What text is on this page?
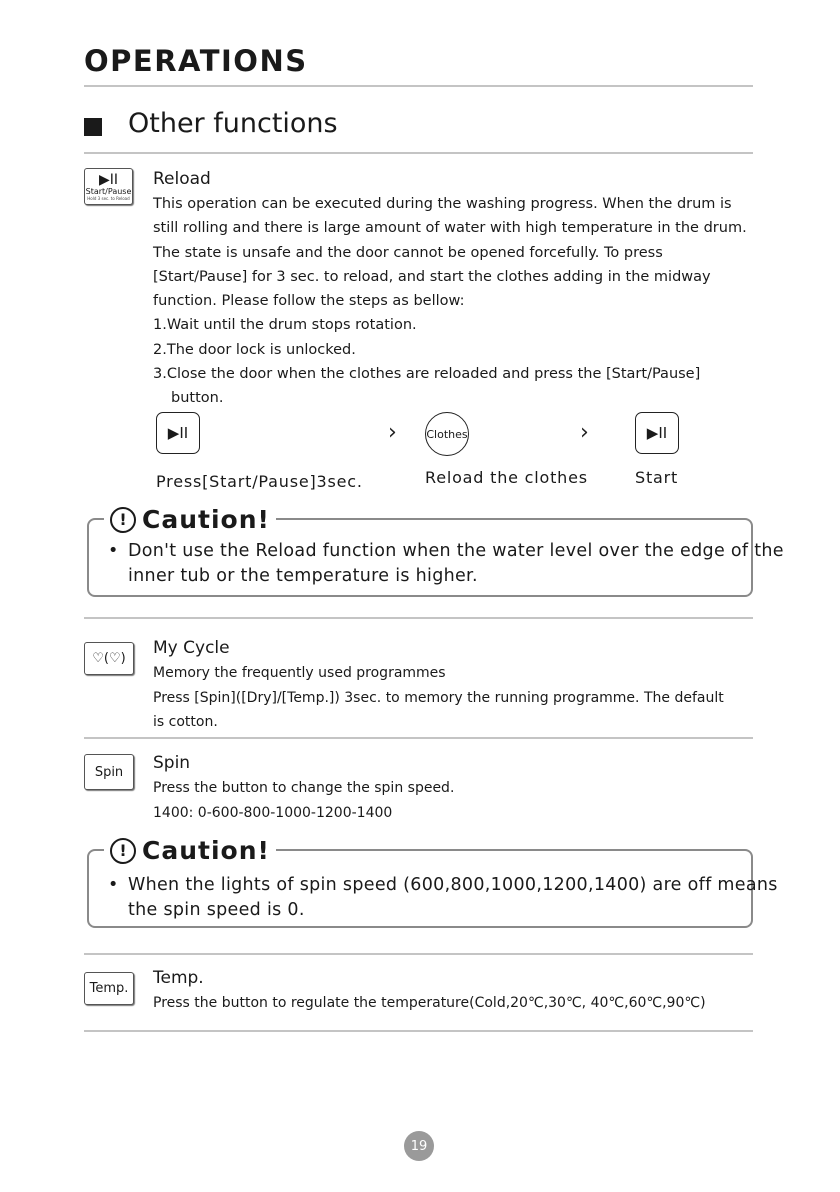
OPERATIONS
Other functions
▶II
Start/Pause
Hold 3 sec. to Reload
Reload
This operation can be executed during the washing progress. When the drum is
still rolling and there is large amount of water with high temperature in the drum.
The state is unsafe and the door cannot be opened forcefully. To press
[Start/Pause] for 3 sec. to reload, and start the clothes adding in the midway
function. Please follow the steps as bellow:
1.Wait until the drum stops rotation.
2.The door lock is unlocked.
3.Close the door when the clothes are reloaded and press the [Start/Pause]
button.
▶II	›	Clothes	›	▶II
Press[Start/Pause]3sec.	Reload the clothes	Start
! Caution!
• Don't use the Reload function when the water level over the edge of the
inner tub or the temperature is higher.
♡(♡)
My Cycle
Memory the frequently used programmes
Press [Spin]([Dry]/[Temp.]) 3sec. to memory the running programme. The default
is cotton.
Spin Spin
Press the button to change the spin speed.
1400: 0-600-800-1000-1200-1400
! Caution!
• When the lights of spin speed (600,800,1000,1200,1400) are off means
the spin speed is 0.
Temp.
Temp.
Press the button to regulate the temperature(Cold,20℃,30℃, 40℃,60℃,90℃)
19
